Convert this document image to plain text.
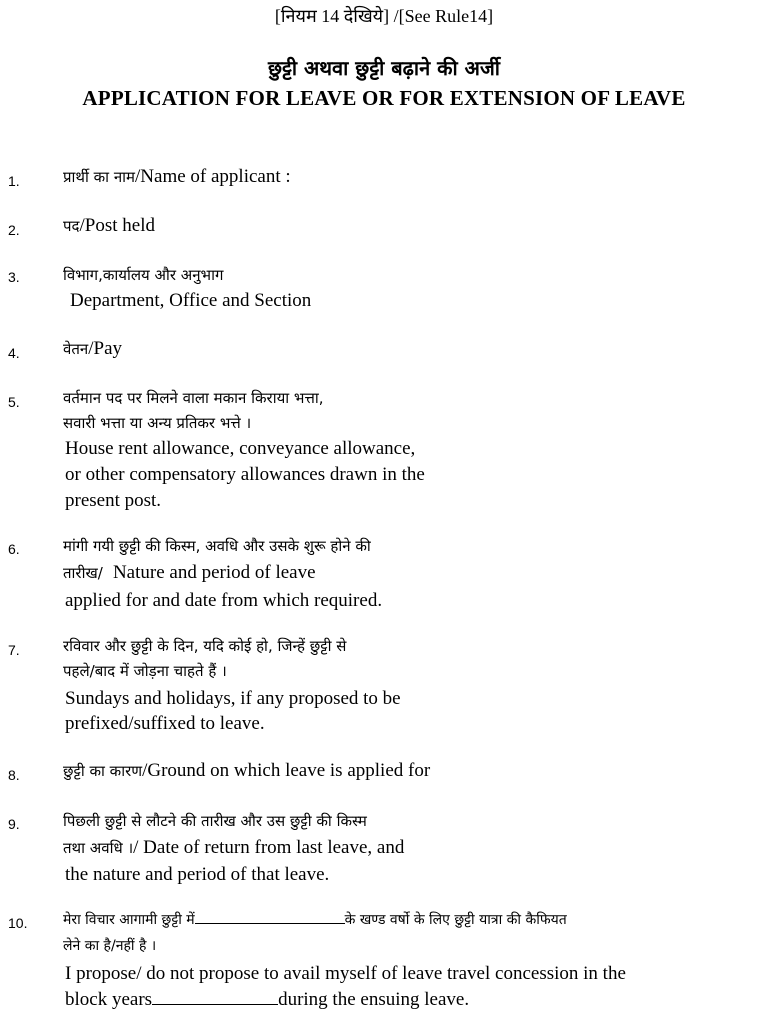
[नियम 14 देखिये] /[See Rule14]
छुट्टी अथवा छुट्टी बढ़ाने की अर्जी
APPLICATION FOR LEAVE OR FOR EXTENSION OF LEAVE
1.	प्रार्थी का नाम/Name of applicant :
2.	पद/Post held
3.	विभाग,कार्यालय और अनुभाग
Department, Office and Section
4.	वेतन/Pay
5.	वर्तमान पद पर मिलने वाला मकान किराया भत्ता,
सवारी भत्ता या अन्य प्रतिकर भत्ते ।
House rent allowance, conveyance allowance,
or other compensatory allowances drawn in the
present post.
6.	मांगी गयी छुट्टी की किस्म, अवधि और उसके शुरू होने की
तारीख/ Nature and period of leave
applied for and date from which required.
7.	रविवार और छुट्टी के दिन, यदि कोई हो, जिन्हें छुट्टी से
पहले/बाद में जोड़ना चाहते हैं ।
Sundays and holidays, if any proposed to be
prefixed/suffixed to leave.
8.	छुट्टी का कारण/Ground on which leave is applied for
9.	पिछली छुट्टी से लौटने की तारीख और उस छुट्टी की किस्म
तथा अवधि ।/ Date of return from last leave, and
the nature and period of that leave.
10.	मेरा विचार आगामी छुट्टी में	के खण्ड वर्षो के लिए छुट्टी यात्रा की कैफियत
लेने का है/नहीं है ।
I propose/ do not propose to avail myself of leave travel concession in the
block years	during the ensuing leave.
